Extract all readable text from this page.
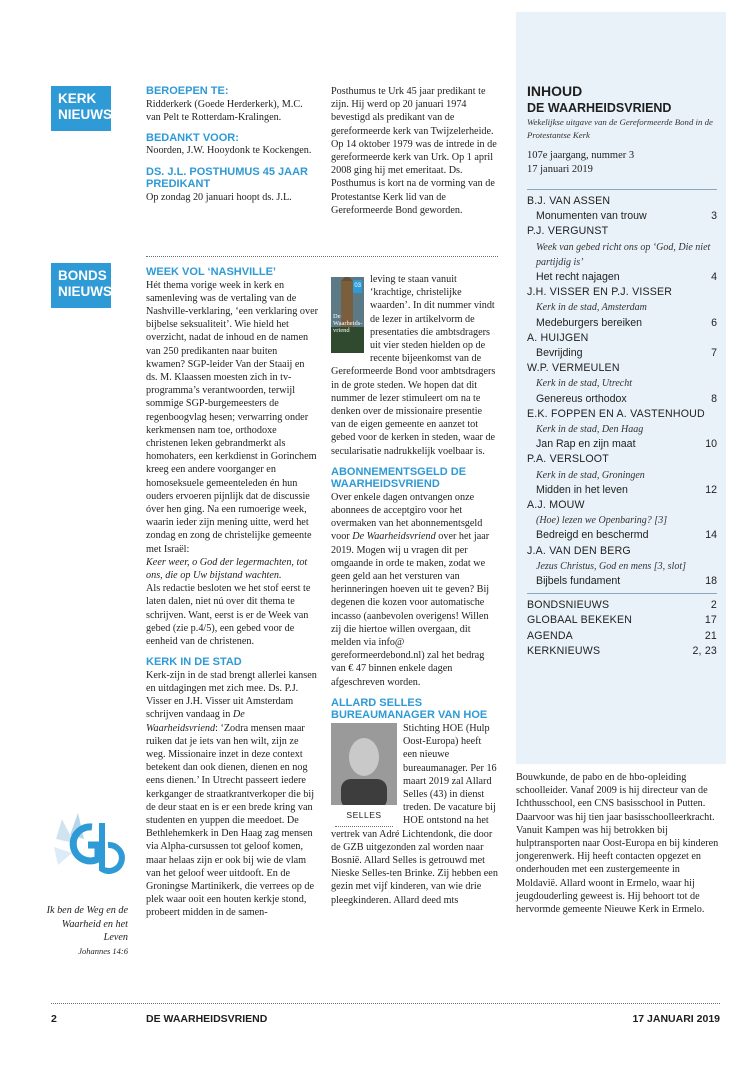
KERK NIEUWS
BONDS NIEUWS

BEROEPEN TE:

Ridderkerk (Goede Herderkerk), M.C. van Pelt te Rotterdam-Kralingen.

BEDANKT VOOR:

Noorden, J.W. Hooydonk te Kockengen.

DS. J.L. POSTHUMUS 45 JAAR PREDIKANT

Op zondag 20 januari hoopt ds. J.L.

Posthumus te Urk 45 jaar predikant te zijn. Hij werd op 20 januari 1974 bevestigd als predikant van de gereformeerde kerk van Twijzelerheide. Op 14 oktober 1979 was de intrede in de gereformeerde kerk van Urk. Op 1 april 2008 ging hij met emeritaat. Ds. Posthumus is kort na de vorming van de Protestantse Kerk lid van de Gereformeerde Bond geworden.

WEEK VOL ‘NASHVILLE’

Hét thema vorige week in kerk en samenleving was de vertaling van de Nashville-verklaring, ‘een verklaring over bijbelse seksualiteit’. Wie hield het overzicht, nadat de inhoud en de namen van 250 predikanten naar buiten kwamen? SGP-leider Van der Staaij en ds. M. Klaassen moesten zich in tv-programma’s verantwoorden, terwijl sommige SGP-burgemeesters de regenboogvlag hesen; verwarring onder kerkmensen nam toe, orthodoxe christenen leken gebrandmerkt als homohaters, een kerkdienst in Gorinchem kreeg een andere voorganger en homoseksuele gemeenteleden én hun ouders ervoeren pijnlijk dat de discussie óver hen ging. Na een rumoerige week, waarin ieder zijn mening uitte, werd het zondag en zong de christelijke gemeente met Israël:

Keer weer, o God der legermachten, tot ons, die op Uw bijstand wachten.

Als redactie besloten we het stof eerst te laten dalen, niet nú over dit thema te schrijven. Want, eerst is er de Week van gebed (zie p.4/5), een gebed voor de eenheid van de christenen.

KERK IN DE STAD

Kerk-zijn in de stad brengt allerlei kansen en uitdagingen met zich mee. Ds. P.J. Visser en J.H. Visser uit Amsterdam schrijven vandaag in De Waarheidsvriend: ‘Zodra mensen maar ruiken dat je iets van hen wilt, zijn ze weg. Missionaire inzet in deze context betekent dan ook dienen, dienen en nog eens dienen.’ In Utrecht passeert iedere kerkganger de straatkrantverkoper die bij de deur staat en is er een brede kring van studenten en yuppen die meedoet. De Bethlehemkerk in Den Haag zag mensen via Alpha-cursussen tot geloof komen, maar helaas zijn er ook bij wie de vlam van het geloof weer uitdooft. En de Groningse Martinikerk, die verrees op de plek waar ooit een houten kerkje stond, probeert midden in de samen-

03
De Waarheids-vriend

leving te staan vanuit ‘krachtige, christelijke waarden’. In dit nummer vindt de lezer in artikelvorm de presentaties die ambtsdragers uit vier steden hielden op de recente bijeenkomst van de Gereformeerde Bond voor ambtsdragers in de grote steden. We hopen dat dit nummer de lezer stimuleert om na te denken over de missionaire presentie van de eigen gemeente en aanzet tot gebed voor de kerken in steden, waar de secularisatie nadrukkelijk voelbaar is.

ABONNEMENTSGELD DE WAARHEIDSVRIEND

Over enkele dagen ontvangen onze abonnees de acceptgiro voor het overmaken van het abonnementsgeld voor De Waarheidsvriend over het jaar 2019. Mogen wij u vragen dit per omgaande in orde te maken, zodat we geen geld aan het versturen van herinneringen hoeven uit te geven? Bij degenen die kozen voor automatische incasso (aanbevolen overigens! Willen zij die hiertoe willen overgaan, dit melden via info@ gereformeerdebond.nl) zal het bedrag van € 47 binnen enkele dagen afgeschreven worden.

ALLARD SELLES BUREAUMANAGER VAN HOE

SELLES

Stichting HOE (Hulp Oost-Europa) heeft een nieuwe bureaumanager. Per 16 maart 2019 zal Allard Selles (43) in dienst treden. De vacature bij HOE ontstond na het vertrek van Adré Lichtendonk, die door de GZB uitgezonden zal worden naar Bosnië. Allard Selles is getrouwd met Nieske Selles-ten Brinke. Zij hebben een gezin met vijf kinderen, van wie drie pleegkinderen. Allard deed mts

Ik ben de Weg en de Waarheid en het Leven
Johannes 14:6
INHOUD
DE WAARHEIDSVRIEND
Wekelijkse uitgave van de Gereformeerde Bond in de Protestantse Kerk
107e jaargang, nummer 3
17 januari 2019
B.J. VAN ASSEN
Monumenten van trouw	3
P.J. VERGUNST
Week van gebed richt ons op ‘God, Die niet partijdig is’
Het recht najagen	4
J.H. VISSER EN P.J. VISSER
Kerk in de stad, Amsterdam
Medeburgers bereiken	6
A. HUIJGEN
Bevrijding	7
W.P. VERMEULEN
Kerk in de stad, Utrecht
Genereus orthodox	8
E.K. FOPPEN EN A. VASTENHOUD
Kerk in de stad, Den Haag
Jan Rap en zijn maat	10
P.A. VERSLOOT
Kerk in de stad, Groningen
Midden in het leven	12
A.J. MOUW
(Hoe) lezen we Openbaring? [3]
Bedreigd en beschermd	14
J.A. VAN DEN BERG
Jezus Christus, God en mens [3, slot]
Bijbels fundament	18
BONDSNIEUWS	2
GLOBAAL BEKEKEN	17
AGENDA	21
KERKNIEUWS	2, 23

Bouwkunde, de pabo en de hbo-opleiding schoolleider. Vanaf 2009 is hij directeur van de Ichthusschool, een CNS basisschool in Putten. Daarvoor was hij tien jaar basisschoolleerkracht. Vanuit Kampen was hij betrokken bij hulptransporten naar Oost-Europa en bij kinderen jongerenwerk. Hij heeft contacten opgezet en onderhouden met een zustergemeente in Moldavië. Allard woont in Ermelo, waar hij jeugdouderling geweest is. Hij behoort tot de hervormde gemeente Nieuwe Kerk in Ermelo.

2	DE WAARHEIDSVRIEND	17 JANUARI 2019
